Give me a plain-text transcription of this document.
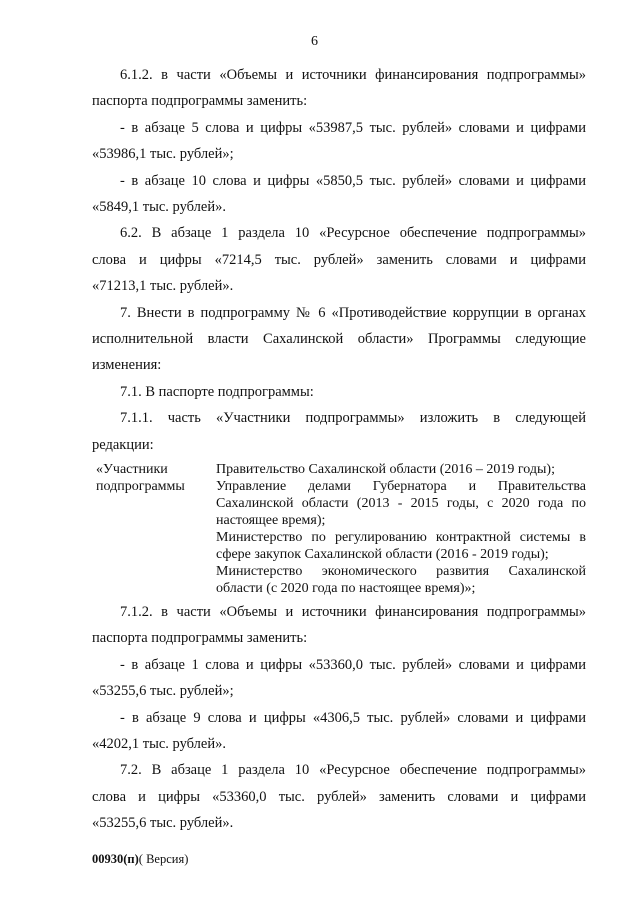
6
6.1.2. в части «Объемы и источники финансирования подпрограммы»
паспорта подпрограммы заменить:
- в абзаце 5 слова и цифры «53987,5 тыс. рублей» словами и цифрами
«53986,1 тыс. рублей»;
- в абзаце 10 слова и цифры «5850,5 тыс. рублей» словами и цифрами
«5849,1 тыс. рублей».
6.2. В абзаце 1 раздела 10 «Ресурсное обеспечение подпрограммы»
слова и цифры «7214,5 тыс. рублей» заменить словами и цифрами
«71213,1 тыс. рублей».
7. Внести в подпрограмму № 6 «Противодействие коррупции в органах
исполнительной власти Сахалинской области» Программы следующие
изменения:
7.1. В паспорте подпрограммы:
7.1.1. часть «Участники подпрограммы» изложить в следующей
редакции:
«Участники
подпрограммы
Правительство Сахалинской области (2016 – 2019 годы);
Управление делами Губернатора и Правительства
Сахалинской области (2013 - 2015 годы, с 2020 года по
настоящее время);
Министерство по регулированию контрактной системы в
сфере закупок Сахалинской области (2016 - 2019 годы);
Министерство экономического развития Сахалинской
области (с 2020 года по настоящее время)»;
7.1.2. в части «Объемы и источники финансирования подпрограммы»
паспорта подпрограммы заменить:
- в абзаце 1 слова и цифры «53360,0 тыс. рублей» словами и цифрами
«53255,6 тыс. рублей»;
- в абзаце 9 слова и цифры «4306,5 тыс. рублей» словами и цифрами
«4202,1 тыс. рублей».
7.2. В абзаце 1 раздела 10 «Ресурсное обеспечение подпрограммы»
слова и цифры «53360,0 тыс. рублей» заменить словами и цифрами
«53255,6 тыс. рублей».
00930(п)( Версия)
